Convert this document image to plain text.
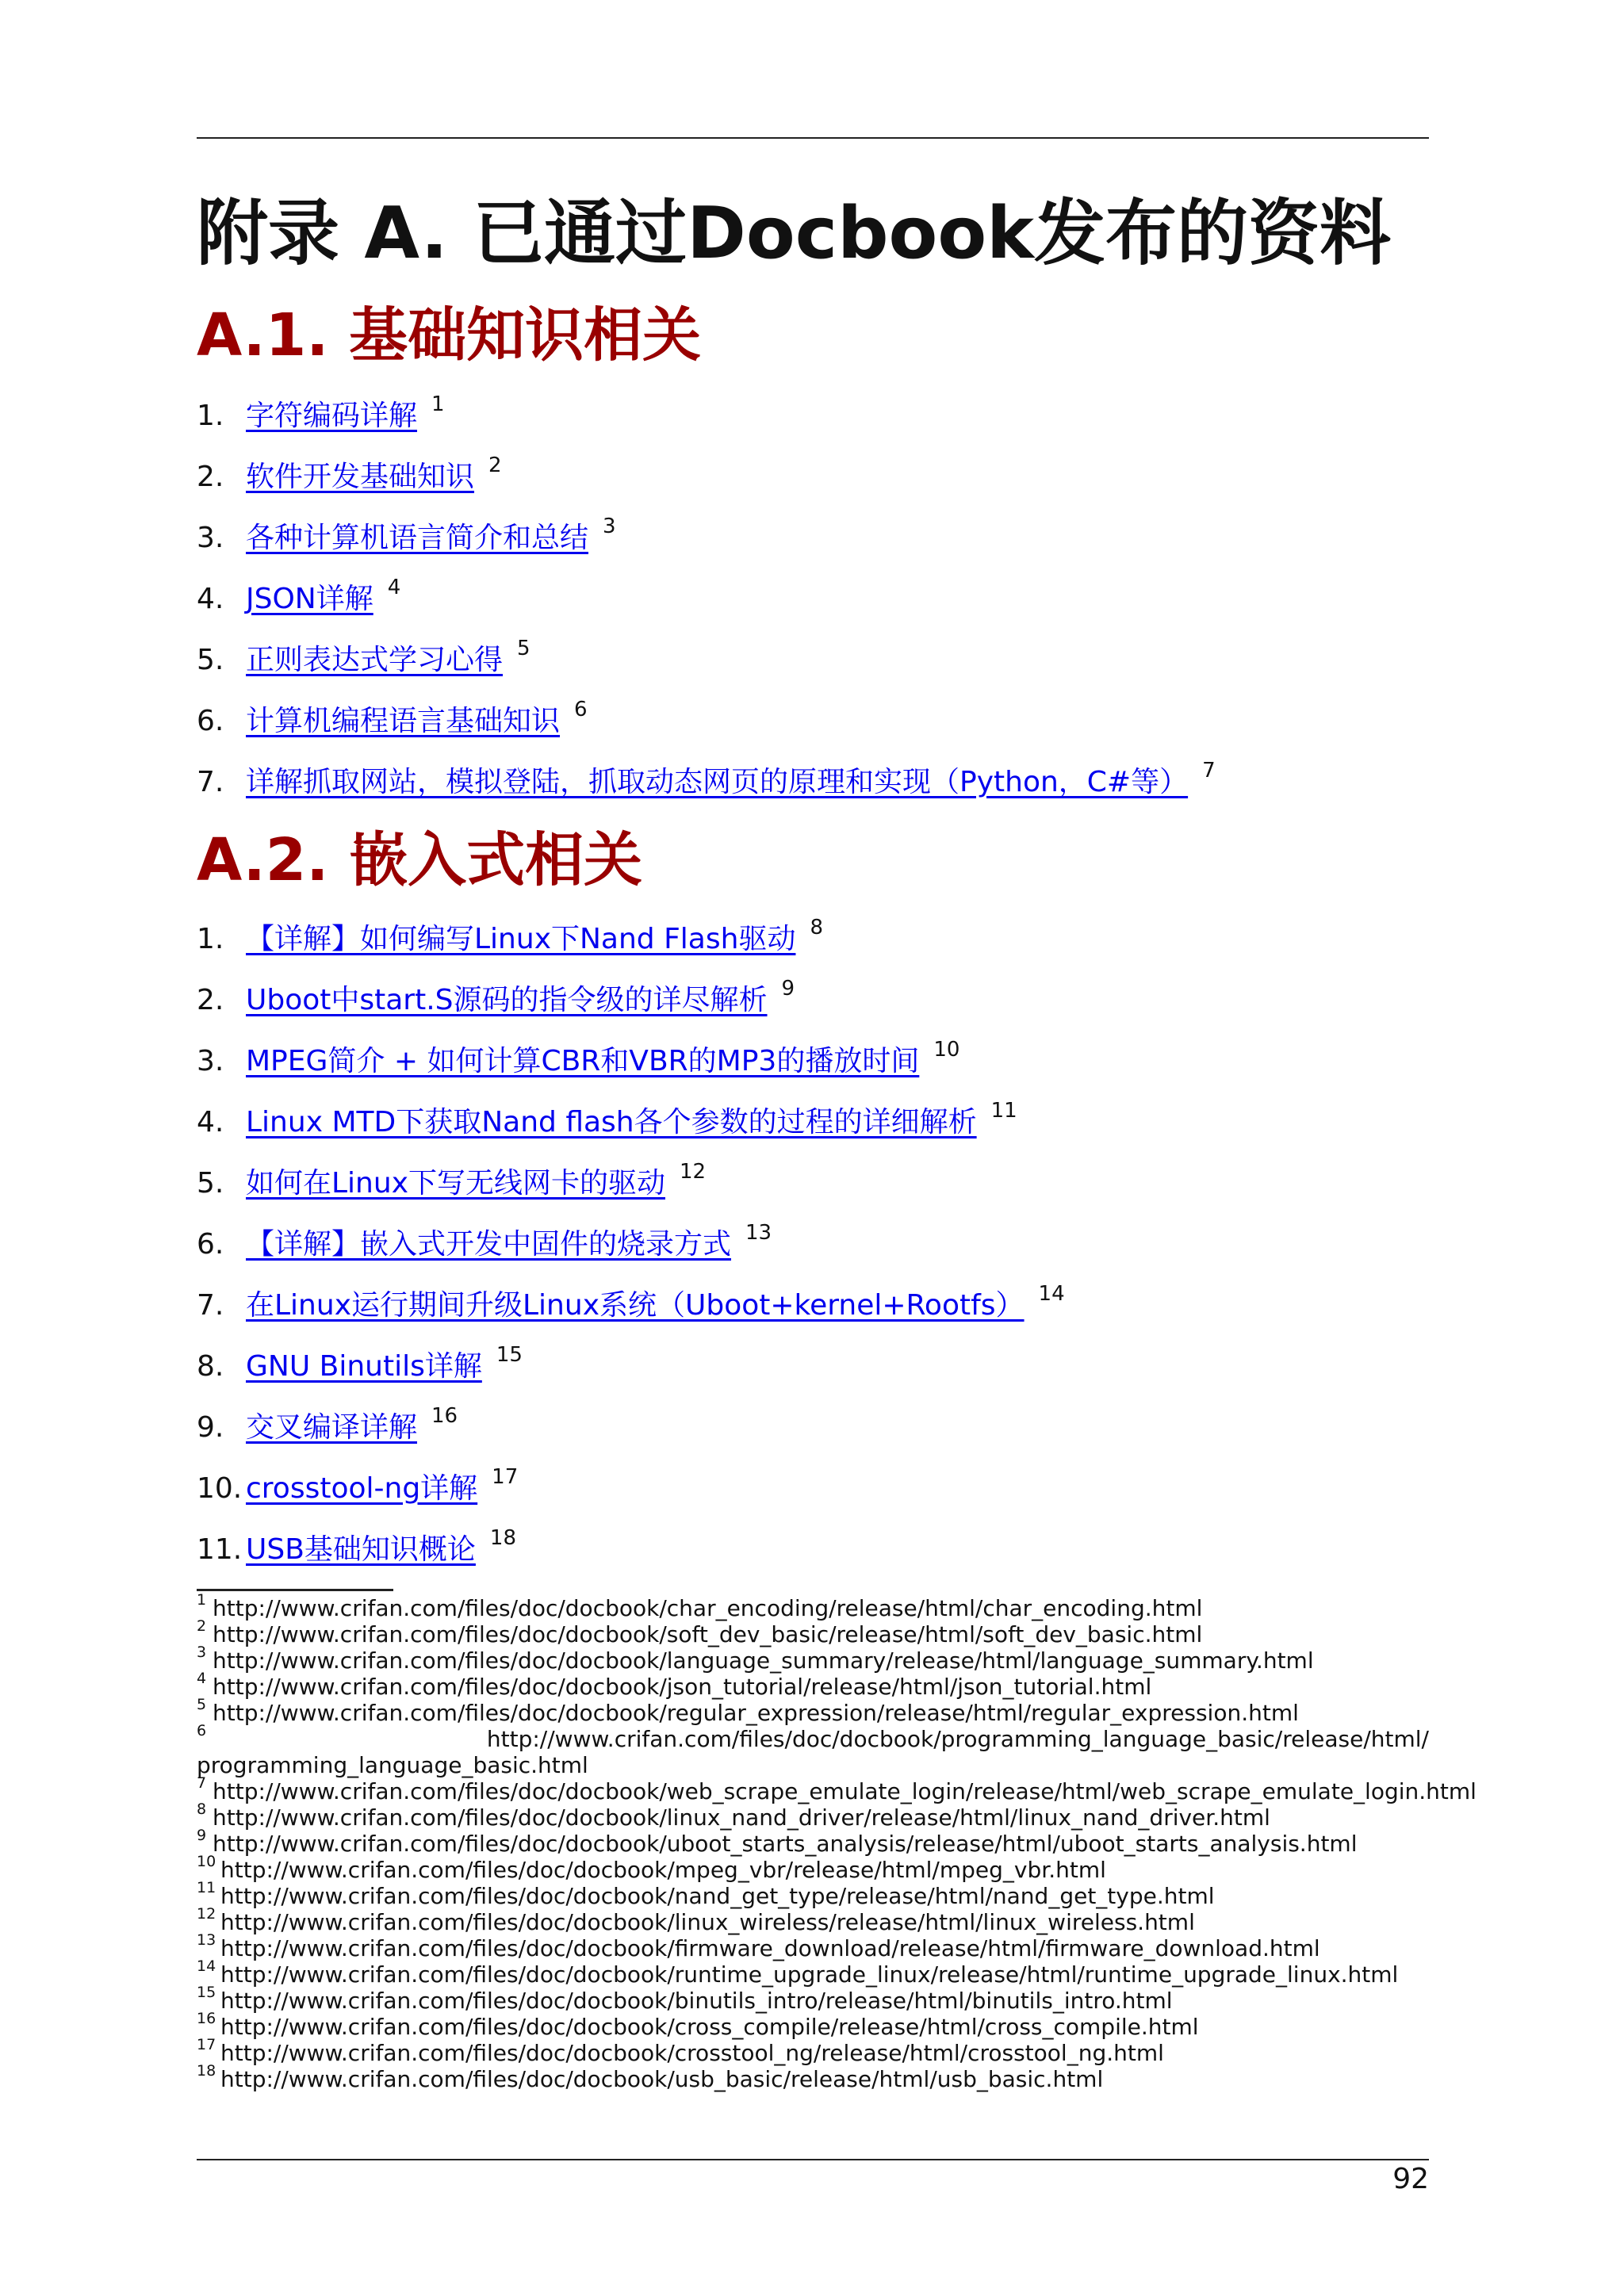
附录 A. 已通过Docbook发布的资料
A.1. 基础知识相关
1. 字符编码详解 $^1$
2. 软件开发基础知识 $^2$
3. 各种计算机语言简介和总结 $^3$
4. JSON详解 $^4$
5. 正则表达式学习心得 $^5$
6. 计算机编程语言基础知识 $^6$
7. 详解抓取网站，模拟登陆，抓取动态网页的原理和实现（Python，C#等） $^7$
A.2. 嵌入式相关
1. 【详解】如何编写Linux下Nand Flash驱动 $^8$
2. Uboot中start.S源码的指令级的详尽解析 $^9$
3. MPEG简介 + 如何计算CBR和VBR的MP3的播放时间 $^{10}$
4. Linux MTD下获取Nand flash各个参数的过程的详细解析 $^{11}$
5. 如何在Linux下写无线网卡的驱动 $^{12}$
6. 【详解】嵌入式开发中固件的烧录方式 $^{13}$
7. 在Linux运行期间升级Linux系统（Uboot+kernel+Rootfs） $^{14}$
8. GNU Binutils详解 $^{15}$
9. 交叉编译详解 $^{16}$
10. crosstool-ng详解 $^{17}$
11. USB基础知识概论 $^{18}$
1 http://www.crifan.com/files/doc/docbook/char_encoding/release/html/char_encoding.html
2 http://www.crifan.com/files/doc/docbook/soft_dev_basic/release/html/soft_dev_basic.html
3 http://www.crifan.com/files/doc/docbook/language_summary/release/html/language_summary.html
4 http://www.crifan.com/files/doc/docbook/json_tutorial/release/html/json_tutorial.html
5 http://www.crifan.com/files/doc/docbook/regular_expression/release/html/regular_expression.html
6	http://www.crifan.com/files/doc/docbook/programming_language_basic/release/html/
programming_language_basic.html
7 http://www.crifan.com/files/doc/docbook/web_scrape_emulate_login/release/html/web_scrape_emulate_login.html
8 http://www.crifan.com/files/doc/docbook/linux_nand_driver/release/html/linux_nand_driver.html
9 http://www.crifan.com/files/doc/docbook/uboot_starts_analysis/release/html/uboot_starts_analysis.html
10 http://www.crifan.com/files/doc/docbook/mpeg_vbr/release/html/mpeg_vbr.html
11 http://www.crifan.com/files/doc/docbook/nand_get_type/release/html/nand_get_type.html
12 http://www.crifan.com/files/doc/docbook/linux_wireless/release/html/linux_wireless.html
13 http://www.crifan.com/files/doc/docbook/firmware_download/release/html/firmware_download.html
14 http://www.crifan.com/files/doc/docbook/runtime_upgrade_linux/release/html/runtime_upgrade_linux.html
15 http://www.crifan.com/files/doc/docbook/binutils_intro/release/html/binutils_intro.html
16 http://www.crifan.com/files/doc/docbook/cross_compile/release/html/cross_compile.html
17 http://www.crifan.com/files/doc/docbook/crosstool_ng/release/html/crosstool_ng.html
18 http://www.crifan.com/files/doc/docbook/usb_basic/release/html/usb_basic.html
92
